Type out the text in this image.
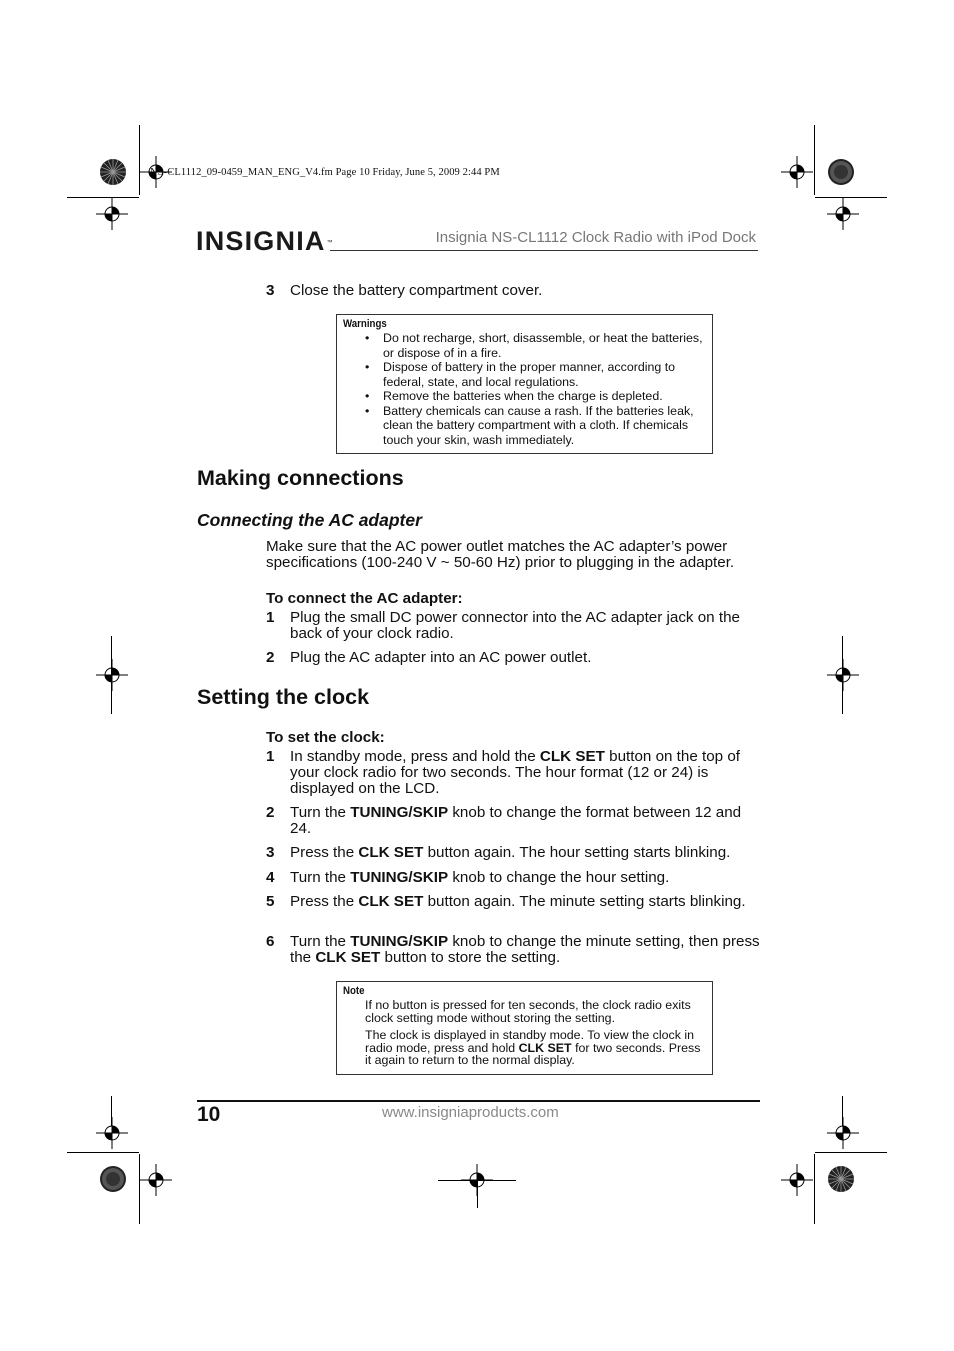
NS-CL1112_09-0459_MAN_ENG_V4.fm Page 10 Friday, June 5, 2009 2:44 PM
INSIGNIA™	Insignia NS-CL1112 Clock Radio with iPod Dock
3 Close the battery compartment cover.
Warnings
• Do not recharge, short, disassemble, or heat the batteries, or dispose of in a fire.
• Dispose of battery in the proper manner, according to federal, state, and local regulations.
• Remove the batteries when the charge is depleted.
• Battery chemicals can cause a rash. If the batteries leak, clean the battery compartment with a cloth. If chemicals touch your skin, wash immediately.
Making connections
Connecting the AC adapter
Make sure that the AC power outlet matches the AC adapter’s power specifications (100-240 V ~ 50-60 Hz) prior to plugging in the adapter.
To connect the AC adapter:
1 Plug the small DC power connector into the AC adapter jack on the back of your clock radio.
2 Plug the AC adapter into an AC power outlet.
Setting the clock
To set the clock:
1 In standby mode, press and hold the CLK SET button on the top of your clock radio for two seconds. The hour format (12 or 24) is displayed on the LCD.
2 Turn the TUNING/SKIP knob to change the format between 12 and 24.
3 Press the CLK SET button again. The hour setting starts blinking.
4 Turn the TUNING/SKIP knob to change the hour setting.
5 Press the CLK SET button again. The minute setting starts blinking.
6 Turn the TUNING/SKIP knob to change the minute setting, then press the CLK SET button to store the setting.
Note
If no button is pressed for ten seconds, the clock radio exits clock setting mode without storing the setting.
The clock is displayed in standby mode. To view the clock in radio mode, press and hold CLK SET for two seconds. Press it again to return to the normal display.
10	www.insigniaproducts.com
